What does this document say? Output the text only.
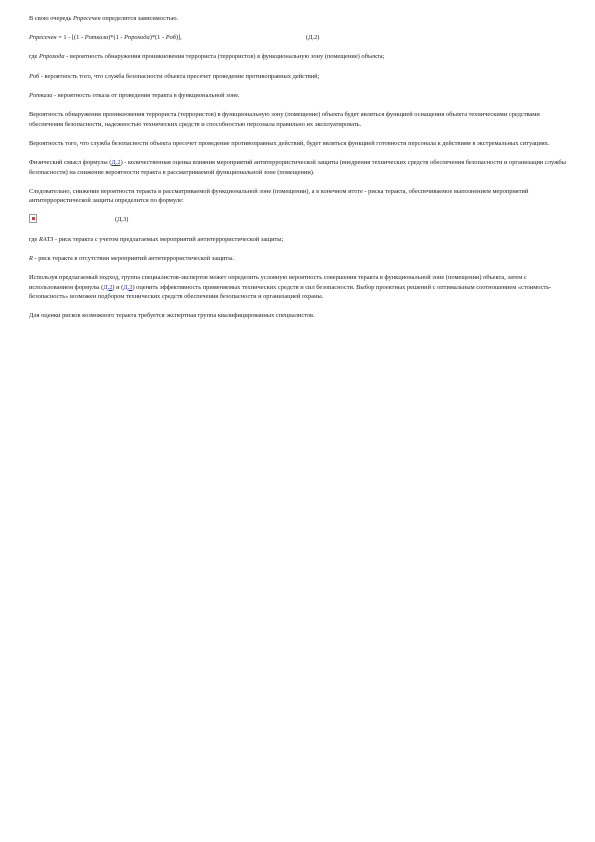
В свою очередь Pпресечен определится зависимостью.

Pпресечен = 1 - [(1 - Pотказа)*(1 - Pпрохода)*(1 - Pоб)],	(Д.2)

где Pпрохода - вероятность обнаружения проникновения террориста (террористов) в функциональную зону (помещение) объекта;

Pоб - вероятность того, что служба безопасности объекта пресечет проведение противоправных действий;

Pотказа - вероятность отказа от проведения теракта в функциональной зоне.

Вероятность обнаружения проникновения террориста (террористов) в функциональную зону (помещение) объекта будет являться функцией оснащения объекта техническими средствами обеспечения безопасности, надежностью технических средств и способностью персонала правильно их эксплуатировать.

Вероятность того, что служба безопасности объекта пресечет проведение противоправных действий, будет являться функцией готовности персонала к действиям в экстремальных ситуациях.

Физический смысл формулы (Д.2) - количественная оценка влияния мероприятий антитеррористической защиты (внедрения технических средств обеспечения безопасности и организации службы безопасности) на снижение вероятности теракта в рассматриваемой функциональной зоне (помещении).

Следовательно, снижение вероятности теракта в рассматриваемой функциональной зоне (помещении), а в конечном итоге - риска теракта, обеспечиваемое выполнением мероприятий антитеррористической защиты определится по формуле:

(Д.3)

где RАТЗ - риск теракта с учетом предлагаемых мероприятий антитеррористической защиты;

R - риск теракта в отсутствии мероприятий антитеррористической защиты.

Используя предлагаемый подход, группа специалистов-экспертов может определить условную вероятность совершения теракта в функциональной зоне (помещении) объекта, затем с использованием формулы (Д.2) и (Д.3) оценить эффективность применяемых технических средств и сил безопасности. Выбор проектных решений с оптимальным соотношением «стоимость-безопасность» возможен подбором технических средств обеспечения безопасности и организацией охраны.

Для оценки рисков возможного теракта требуется экспертная группа квалифицированных специалистов.
